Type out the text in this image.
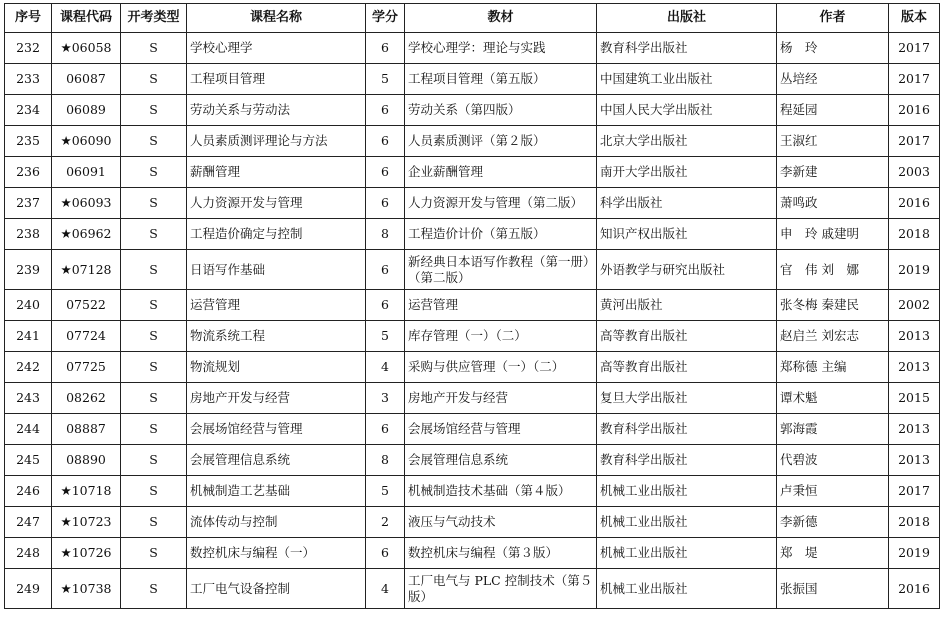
序号	课程代码	开考类型	课程名称	学分	教材	出版社	作者	版本
232	★06058	S	学校心理学	6	学校心理学：理论与实践	教育科学出版社	杨　玲	2017
233	06087	S	工程项目管理	5	工程项目管理（第五版）	中国建筑工业出版社	丛培经	2017
234	06089	S	劳动关系与劳动法	6	劳动关系（第四版）	中国人民大学出版社	程延园	2016
235	★06090	S	人员素质测评理论与方法	6	人员素质测评（第２版）	北京大学出版社	王淑红	2017
236	06091	S	薪酬管理	6	企业薪酬管理	南开大学出版社	李新建	2003
237	★06093	S	人力资源开发与管理	6	人力资源开发与管理（第二版）	科学出版社	萧鸣政	2016
238	★06962	S	工程造价确定与控制	8	工程造价计价（第五版）	知识产权出版社	申　玲 戚建明	2018
239	★07128	S	日语写作基础	6	新经典日本语写作教程（第一册）（第二版）	外语教学与研究出版社	官　伟 刘　娜	2019
240	07522	S	运营管理	6	运营管理	黄河出版社	张冬梅 秦建民	2002
241	07724	S	物流系统工程	5	库存管理（一）（二）	高等教育出版社	赵启兰 刘宏志	2013
242	07725	S	物流规划	4	采购与供应管理（一）（二）	高等教育出版社	郑称德 主编	2013
243	08262	S	房地产开发与经营	3	房地产开发与经营	复旦大学出版社	谭术魁	2015
244	08887	S	会展场馆经营与管理	6	会展场馆经营与管理	教育科学出版社	郭海霞	2013
245	08890	S	会展管理信息系统	8	会展管理信息系统	教育科学出版社	代碧波	2013
246	★10718	S	机械制造工艺基础	5	机械制造技术基础（第４版）	机械工业出版社	卢秉恒	2017
247	★10723	S	流体传动与控制	2	液压与气动技术	机械工业出版社	李新德	2018
248	★10726	S	数控机床与编程（一）	6	数控机床与编程（第３版）	机械工业出版社	郑　堤	2019
249	★10738	S	工厂电气设备控制	4	工厂电气与 PLC 控制技术（第５版）	机械工业出版社	张振国	2016
